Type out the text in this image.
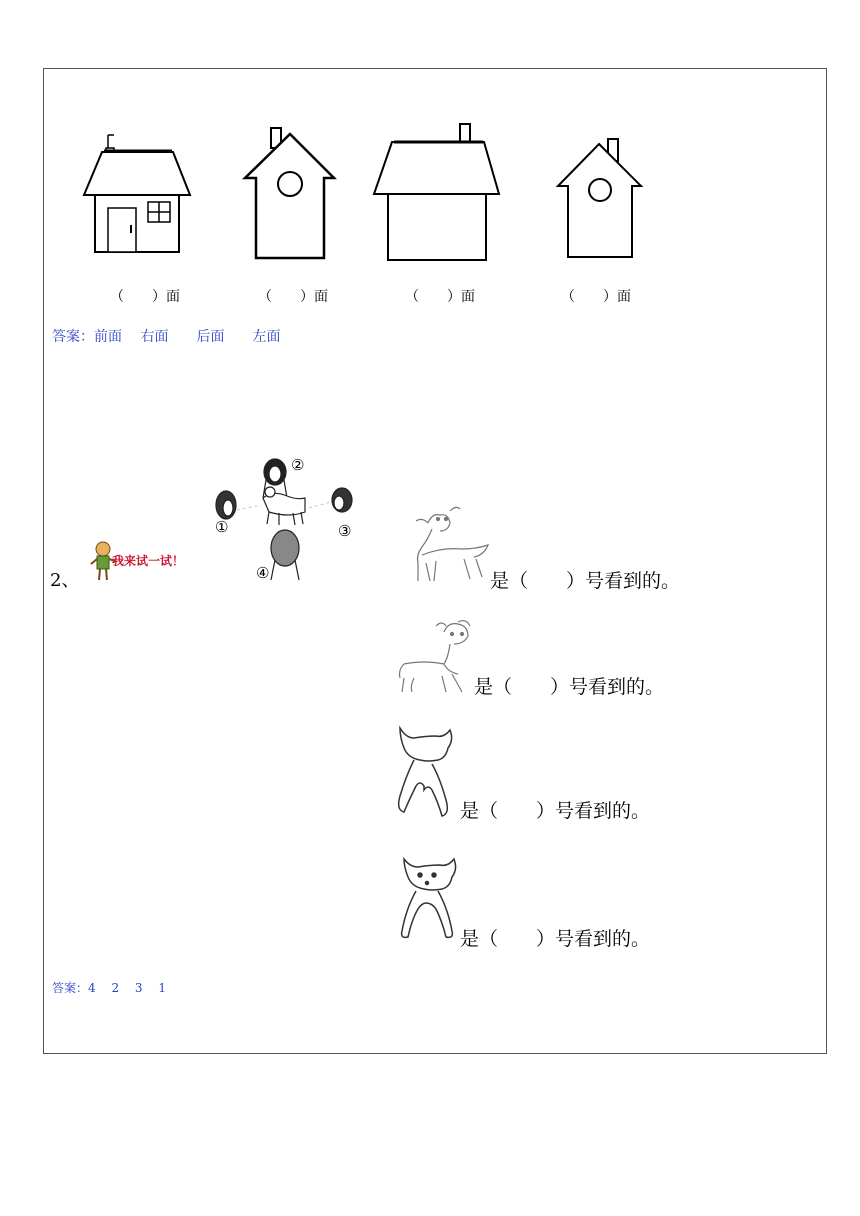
（　　）面	（　　）面	（　　）面	（　　）面
答案：前面　 右面　　后面　　左面
2、
我来试一试！
①
②
③
④	是（　　）号看到的。
是（　　）号看到的。
是（　　）号看到的。
是（　　）号看到的。
答案：4　 2　 3　 1
